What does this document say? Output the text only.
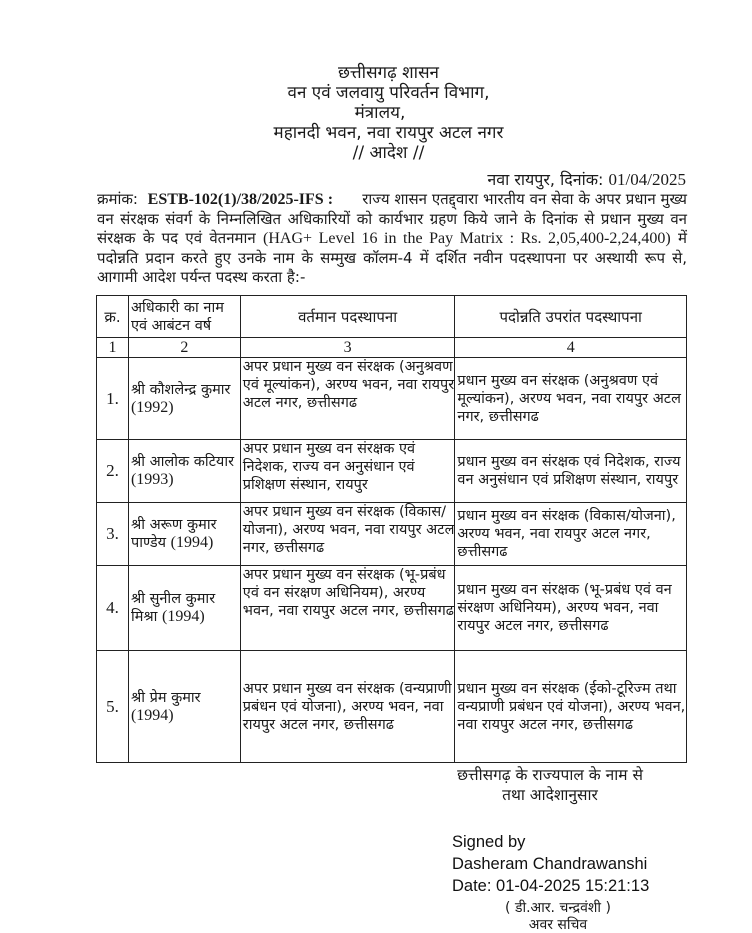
छत्तीसगढ़ शासन
वन एवं जलवायु परिवर्तन विभाग,
मंत्रालय,
महानदी भवन, नवा रायपुर अटल नगर
// आदेश //
नवा रायपुर, दिनांक: 01/04/2025
क्रमांक: ESTB-102(1)/38/2025-IFS : राज्य शासन एतद्द्वारा भारतीय वन सेवा के अपर प्रधान मुख्य वन संरक्षक संवर्ग के निम्नलिखित अधिकारियों को कार्यभार ग्रहण किये जाने के दिनांक से प्रधान मुख्य वन संरक्षक के पद एवं वेतनमान (HAG+ Level 16 in the Pay Matrix : Rs. 2,05,400-2,24,400) में पदोन्नति प्रदान करते हुए उनके नाम के सम्मुख कॉलम-4 में दर्शित नवीन पदस्थापना पर अस्थायी रूप से, आगामी आदेश पर्यन्त पदस्थ करता है:-
क्र.	अधिकारी का नाम एवं आबंटन वर्ष	वर्तमान पदस्थापना	पदोन्नति उपरांत पदस्थापना
1	2	3	4
1.	श्री कौशलेन्द्र कुमार (1992)	अपर प्रधान मुख्य वन संरक्षक (अनुश्रवण एवं मूल्यांकन), अरण्य भवन, नवा रायपुर अटल नगर, छत्तीसगढ	प्रधान मुख्य वन संरक्षक (अनुश्रवण एवं मूल्यांकन), अरण्य भवन, नवा रायपुर अटल नगर, छत्तीसगढ
2.	श्री आलोक कटियार (1993)	अपर प्रधान मुख्य वन संरक्षक एवं निदेशक, राज्य वन अनुसंधान एवं प्रशिक्षण संस्थान, रायपुर	प्रधान मुख्य वन संरक्षक एवं निदेशक, राज्य वन अनुसंधान एवं प्रशिक्षण संस्थान, रायपुर
3.	श्री अरूण कुमार पाण्डेय (1994)	अपर प्रधान मुख्य वन संरक्षक (विकास/योजना), अरण्य भवन, नवा रायपुर अटल नगर, छत्तीसगढ	प्रधान मुख्य वन संरक्षक (विकास/योजना), अरण्य भवन, नवा रायपुर अटल नगर, छत्तीसगढ
4.	श्री सुनील कुमार मिश्रा (1994)	अपर प्रधान मुख्य वन संरक्षक (भू-प्रबंध एवं वन संरक्षण अधिनियम), अरण्य भवन, नवा रायपुर अटल नगर, छत्तीसगढ	प्रधान मुख्य वन संरक्षक (भू-प्रबंध एवं वन संरक्षण अधिनियम), अरण्य भवन, नवा रायपुर अटल नगर, छत्तीसगढ
5.	श्री प्रेम कुमार (1994)	अपर प्रधान मुख्य वन संरक्षक (वन्यप्राणी प्रबंधन एवं योजना), अरण्य भवन, नवा रायपुर अटल नगर, छत्तीसगढ	प्रधान मुख्य वन संरक्षक (ईको-टूरिज्म तथा वन्यप्राणी प्रबंधन एवं योजना), अरण्य भवन, नवा रायपुर अटल नगर, छत्तीसगढ
छत्तीसगढ़ के राज्यपाल के नाम से
तथा आदेशानुसार
Signed by
Dasheram Chandrawanshi
Date: 01-04-2025 15:21:13
( डी.आर. चन्द्रवंशी )
अवर सचिव
